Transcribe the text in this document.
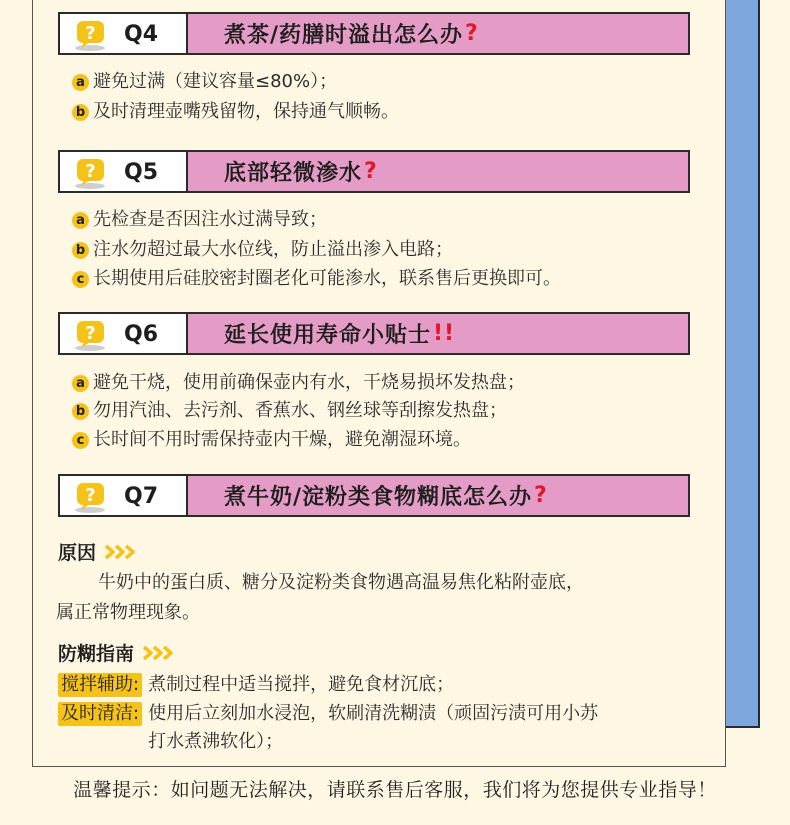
? Q4	煮茶/药膳时溢出怎么办 ?
a 避免过满（建议容量≤80%）；
b 及时清理壶嘴残留物，保持通气顺畅。
? Q5	底部轻微渗水 ?
a 先检查是否因注水过满导致；
b 注水勿超过最大水位线，防止溢出渗入电路；
c 长期使用后硅胶密封圈老化可能渗水，联系售后更换即可。
? Q6	延长使用寿命小贴士 !!
a 避免干烧，使用前确保壶内有水，干烧易损坏发热盘；
b 勿用汽油、去污剂、香蕉水、钢丝球等刮擦发热盘；
c 长时间不用时需保持壶内干燥，避免潮湿环境。
? Q7	煮牛奶/淀粉类食物糊底怎么办 ?
原因
牛奶中的蛋白质、糖分及淀粉类食物遇高温易焦化粘附壶底，
属正常物理现象。
防糊指南
搅拌辅助: 煮制过程中适当搅拌，避免食材沉底；
及时清洁: 使用后立刻加水浸泡，软刷清洗糊渍（顽固污渍可用小苏
打水煮沸软化）；
温馨提示：如问题无法解决，请联系售后客服，我们将为您提供专业指导！
